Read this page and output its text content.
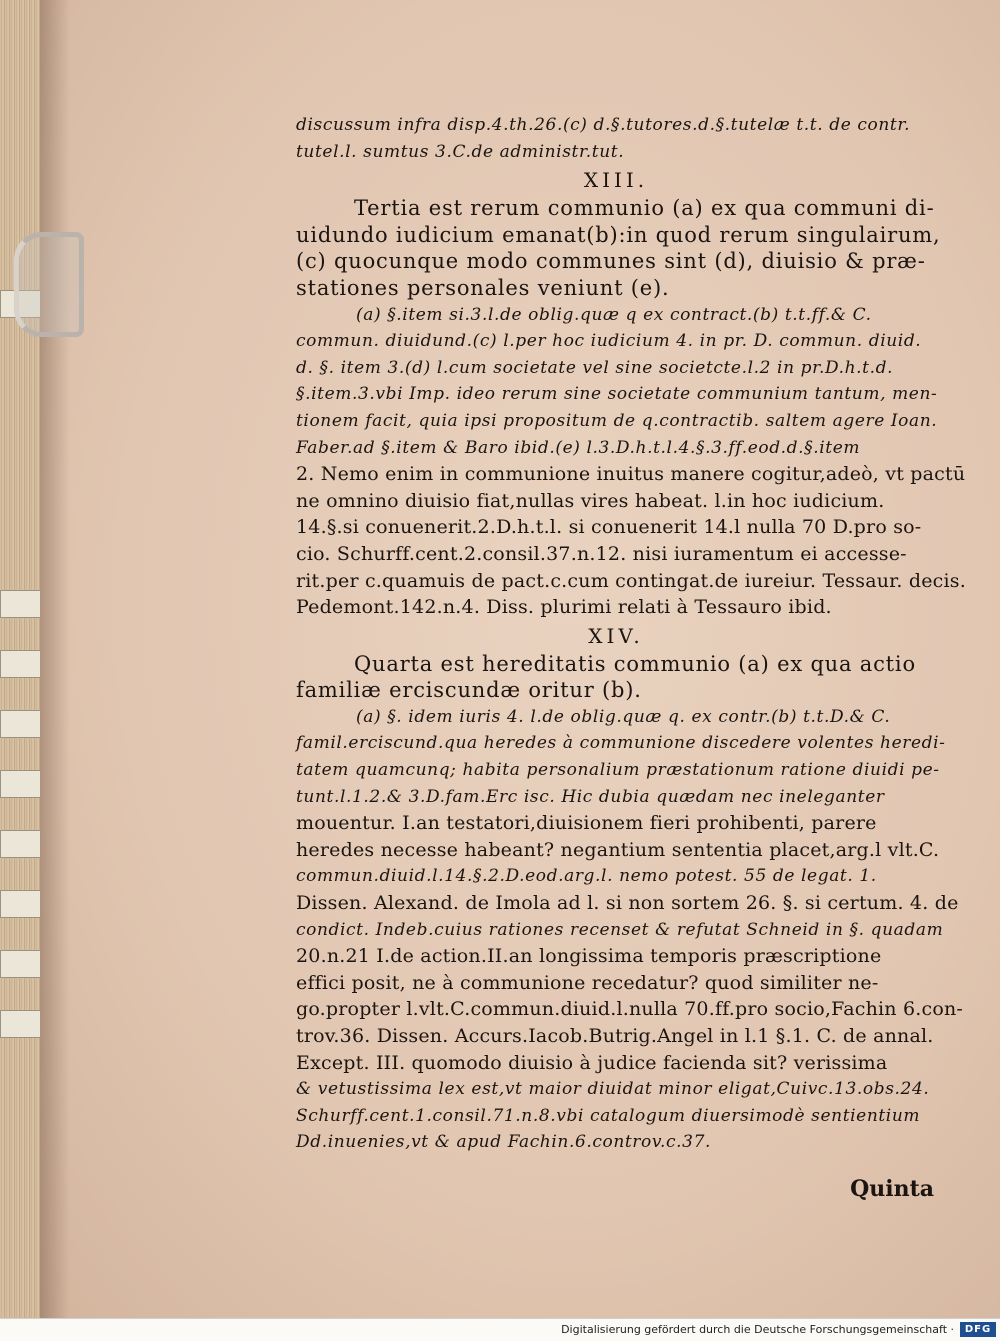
discussum infra disp.4.th.26.(c) d.§.tutores.d.§.tutelæ t.t. de contr.
tutel.l. sumtus 3.C.de administr.tut.
XIII.
Tertia est rerum communio (a) ex qua communi di-
uidundo iudicium emanat(b):in quod rerum singulairum,
(c) quocunque modo communes sint (d), diuisio & præ-
stationes personales veniunt (e).
(a) §.item si.3.l.de oblig.quæ q ex contract.(b) t.t.ff.& C.
commun. diuidund.(c) l.per hoc iudicium 4. in pr. D. commun. diuid.
d. §. item 3.(d) l.cum societate vel sine societcte.l.2 in pr.D.h.t.d.
§.item.3.vbi Imp. ideo rerum sine societate communium tantum, men-
tionem facit, quia ipsi propositum de q.contractib. saltem agere Ioan.
Faber.ad §.item & Baro ibid.(e) l.3.D.h.t.l.4.§.3.ff.eod.d.§.item
2. Nemo enim in communione inuitus manere cogitur,adeò, vt pactū
ne omnino diuisio fiat,nullas vires habeat. l.in hoc iudicium.
14.§.si conuenerit.2.D.h.t.l. si conuenerit 14.l nulla 70 D.pro so-
cio. Schurff.cent.2.consil.37.n.12. nisi iuramentum ei accesse-
rit.per c.quamuis de pact.c.cum contingat.de iureiur. Tessaur. decis.
Pedemont.142.n.4. Diss. plurimi relati à Tessauro ibid.
XIV.
Quarta est hereditatis communio (a) ex qua actio
familiæ erciscundæ oritur (b).
(a) §. idem iuris 4. l.de oblig.quæ q. ex contr.(b) t.t.D.& C.
famil.erciscund.qua heredes à communione discedere volentes heredi-
tatem quamcunq; habita personalium præstationum ratione diuidi pe-
tunt.l.1.2.& 3.D.fam.Erc isc. Hic dubia quædam nec ineleganter
mouentur. I.an testatori,diuisionem fieri prohibenti, parere
heredes necesse habeant? negantium sententia placet,arg.l vlt.C.
commun.diuid.l.14.§.2.D.eod.arg.l. nemo potest. 55 de legat. 1.
Dissen. Alexand. de Imola ad l. si non sortem 26. §. si certum. 4. de
condict. Indeb.cuius rationes recenset & refutat Schneid in §. quadam
20.n.21 I.de action.II.an longissima temporis præscriptione
effici posit, ne à communione recedatur? quod similiter ne-
go.propter l.vlt.C.commun.diuid.l.nulla 70.ff.pro socio,Fachin 6.con-
trov.36. Dissen. Accurs.Iacob.Butrig.Angel in l.1 §.1. C. de annal.
Except. III. quomodo diuisio à judice facienda sit? verissima
& vetustissima lex est,vt maior diuidat minor eligat,Cuivc.13.obs.24.
Schurff.cent.1.consil.71.n.8.vbi catalogum diuersimodè sentientium
Dd.inuenies,vt & apud Fachin.6.controv.c.37.
Quinta
Digitalisierung gefördert durch die Deutsche Forschungsgemeinschaft ·	DFG
